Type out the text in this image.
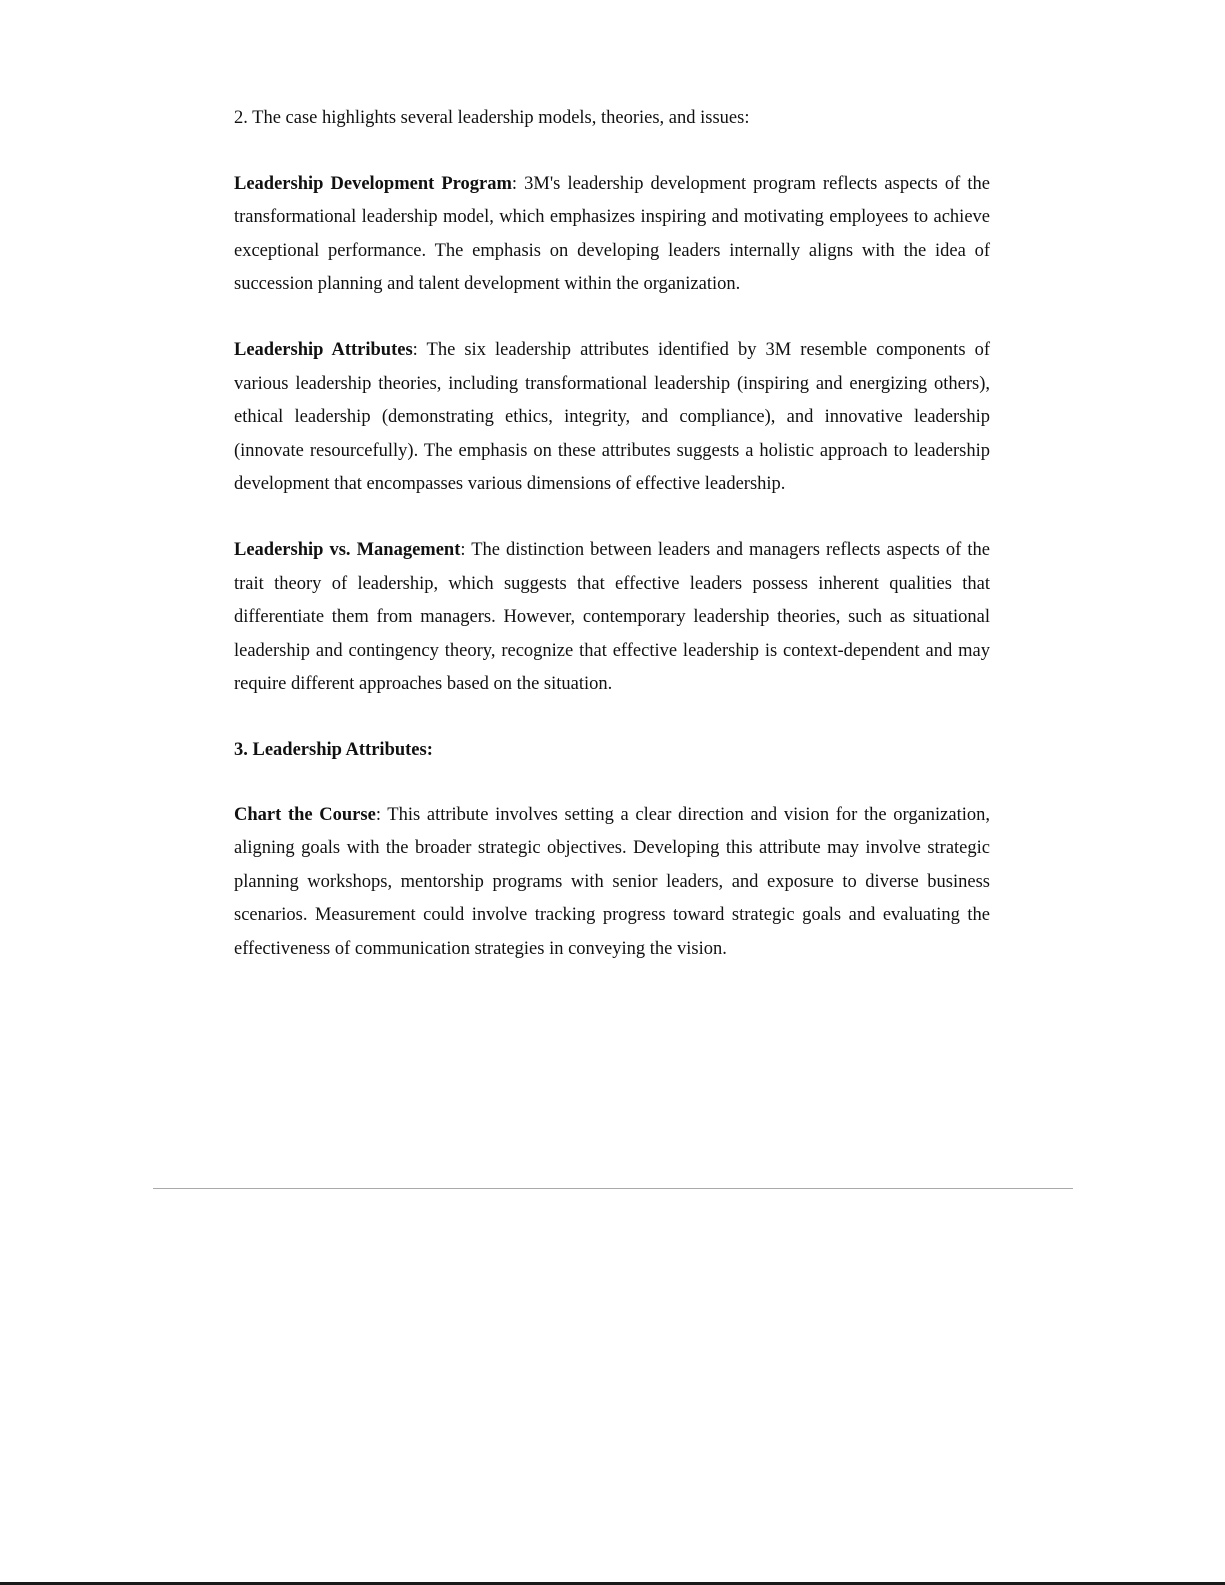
2. The case highlights several leadership models, theories, and issues:

Leadership Development Program: 3M's leadership development program reflects aspects of the transformational leadership model, which emphasizes inspiring and motivating employees to achieve exceptional performance. The emphasis on developing leaders internally aligns with the idea of succession planning and talent development within the organization.

Leadership Attributes: The six leadership attributes identified by 3M resemble components of various leadership theories, including transformational leadership (inspiring and energizing others), ethical leadership (demonstrating ethics, integrity, and compliance), and innovative leadership (innovate resourcefully). The emphasis on these attributes suggests a holistic approach to leadership development that encompasses various dimensions of effective leadership.

Leadership vs. Management: The distinction between leaders and managers reflects aspects of the trait theory of leadership, which suggests that effective leaders possess inherent qualities that differentiate them from managers. However, contemporary leadership theories, such as situational leadership and contingency theory, recognize that effective leadership is context-dependent and may require different approaches based on the situation.

3. Leadership Attributes:

Chart the Course: This attribute involves setting a clear direction and vision for the organization, aligning goals with the broader strategic objectives. Developing this attribute may involve strategic planning workshops, mentorship programs with senior leaders, and exposure to diverse business scenarios. Measurement could involve tracking progress toward strategic goals and evaluating the effectiveness of communication strategies in conveying the vision.
